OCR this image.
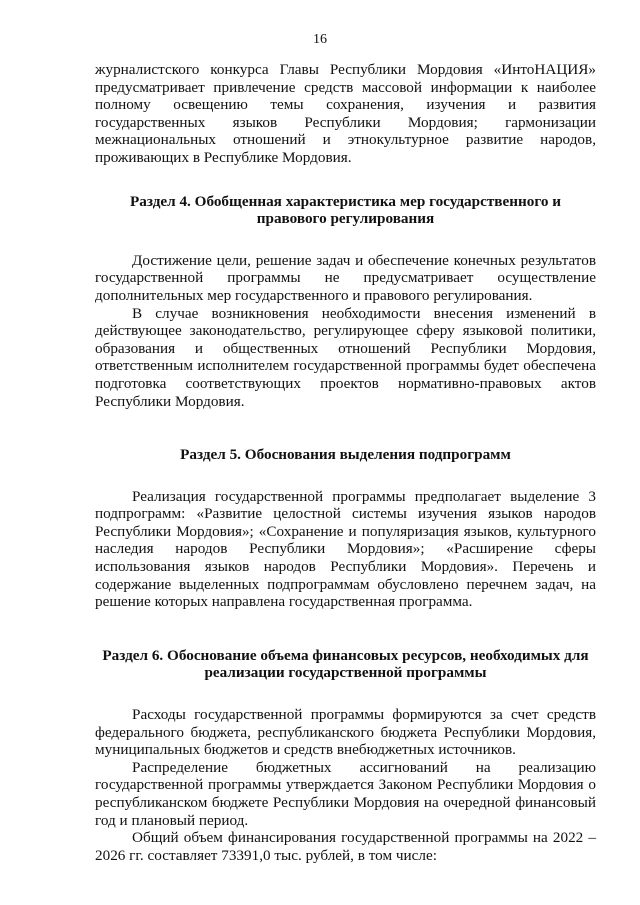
16

журналистского конкурса Главы Республики Мордовия «ИнтоНАЦИЯ» предусматривает привлечение средств массовой информации к наиболее полному освещению темы сохранения, изучения и развития государственных языков Республики Мордовия; гармонизации межнациональных отношений и этнокультурное развитие народов, проживающих в Республике Мордовия.

Раздел 4. Обобщенная характеристика мер государственного и правового регулирования

Достижение цели, решение задач и обеспечение конечных результатов государственной программы не предусматривает осуществление дополнительных мер государственного и правового регулирования.

В случае возникновения необходимости внесения изменений в действующее законодательство, регулирующее сферу языковой политики, образования и общественных отношений Республики Мордовия, ответственным исполнителем государственной программы будет обеспечена подготовка соответствующих проектов нормативно-правовых актов Республики Мордовия.

Раздел 5. Обоснования выделения подпрограмм

Реализация государственной программы предполагает выделение 3 подпрограмм: «Развитие целостной системы изучения языков народов Республики Мордовия»; «Сохранение и популяризация языков, культурного наследия народов Республики Мордовия»; «Расширение сферы использования языков народов Республики Мордовия». Перечень и содержание выделенных подпрограммам обусловлено перечнем задач, на решение которых направлена государственная программа.

Раздел 6. Обоснование объема финансовых ресурсов, необходимых для реализации государственной программы

Расходы государственной программы формируются за счет средств федерального бюджета, республиканского бюджета Республики Мордовия, муниципальных бюджетов и средств внебюджетных источников.

Распределение бюджетных ассигнований на реализацию государственной программы утверждается Законом Республики Мордовия о республиканском бюджете Республики Мордовия на очередной финансовый год и плановый период.

Общий объем финансирования государственной программы на 2022 – 2026 гг. составляет 73391,0 тыс. рублей, в том числе:
